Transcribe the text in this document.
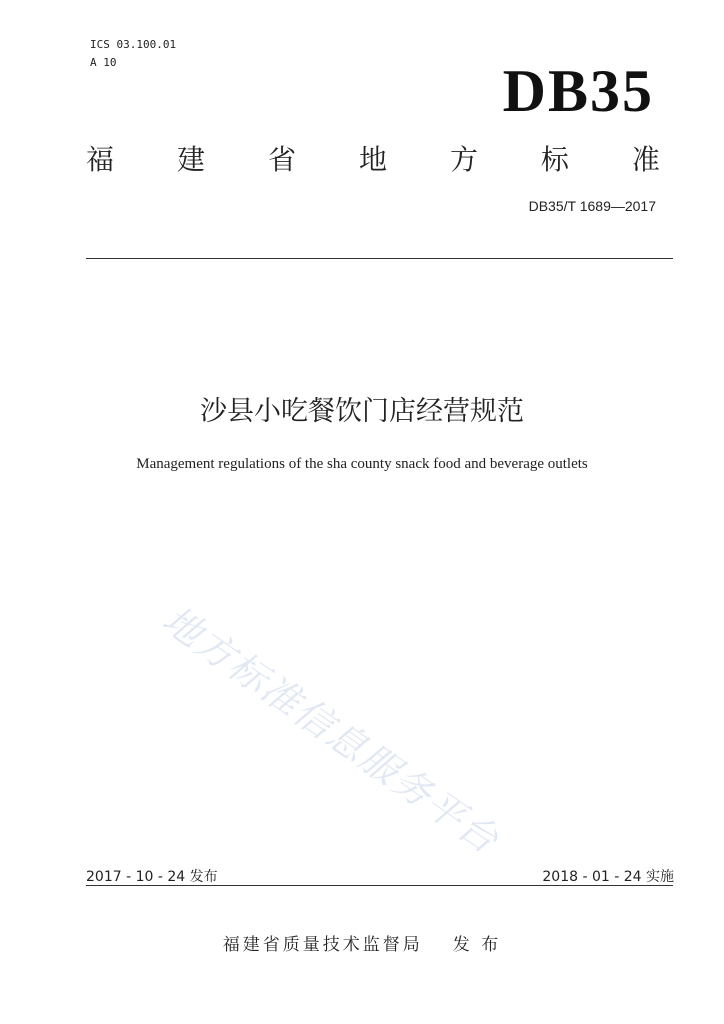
ICS 03.100.01
A 10	DB35
福 建 省 地 方 标 准
DB35/T 1689—2017
沙县小吃餐饮门店经营规范
Management regulations of the sha county snack food and beverage outlets
地方标准信息服务平台
2017 - 10 - 24 发布	2018 - 01 - 24 实施
福建省质量技术监督局 发 布
